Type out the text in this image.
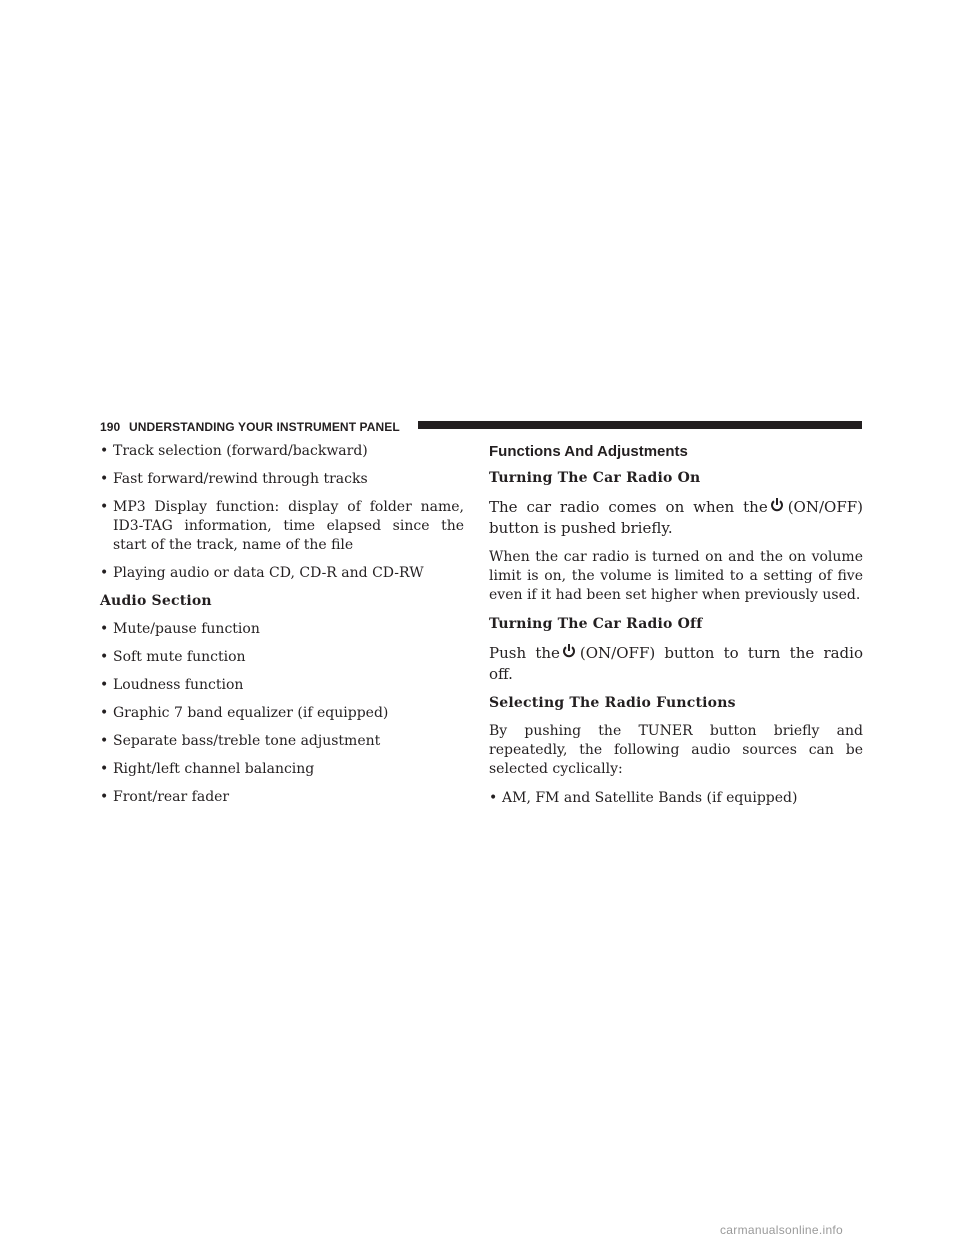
190 UNDERSTANDING YOUR INSTRUMENT PANEL
• Track selection (forward/backward)
• Fast forward/rewind through tracks
• MP3 Display function: display of folder name, ID3-TAG information, time elapsed since the start of the track, name of the file
• Playing audio or data CD, CD-R and CD-RW
Audio Section
• Mute/pause function
• Soft mute function
• Loudness function
• Graphic 7 band equalizer (if equipped)
• Separate bass/treble tone adjustment
• Right/left channel balancing
• Front/rear fader
Functions And Adjustments
Turning The Car Radio On
The car radio comes on when the (ON/OFF) button is pushed briefly.
When the car radio is turned on and the on volume limit is on, the volume is limited to a setting of five even if it had been set higher when previously used.
Turning The Car Radio Off
Push the (ON/OFF) button to turn the radio off.
Selecting The Radio Functions
By pushing the TUNER button briefly and repeatedly, the following audio sources can be selected cyclically:
• AM, FM and Satellite Bands (if equipped)
carmanualsonline.info
